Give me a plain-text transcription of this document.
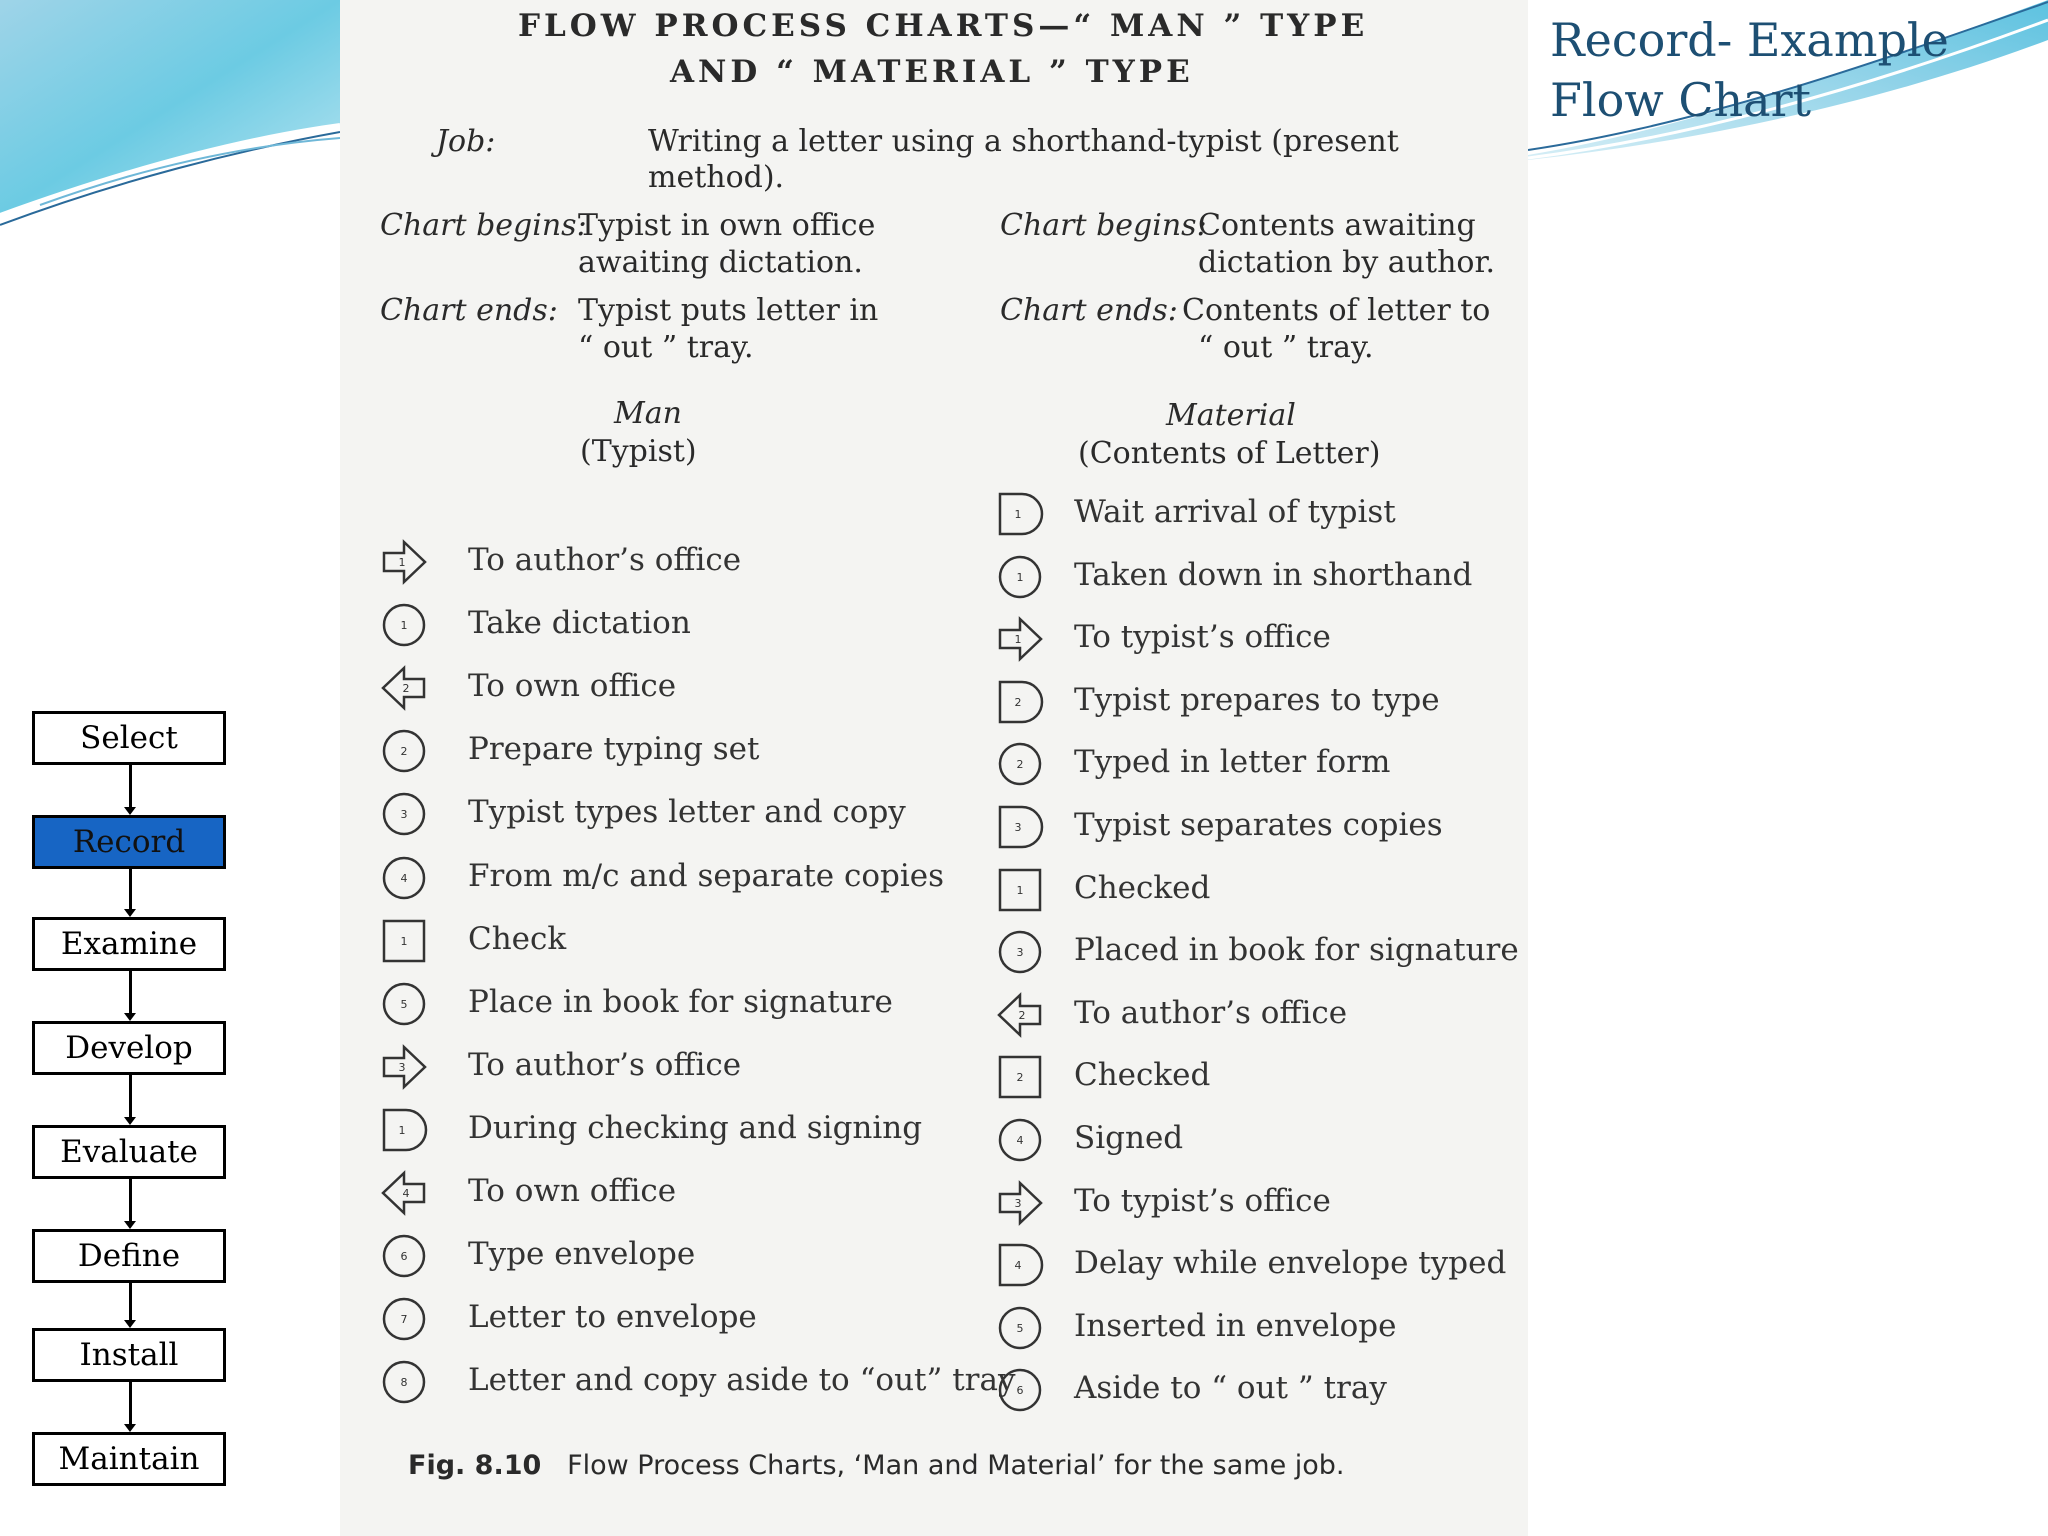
Record- Example
Flow Chart
Select
Record
Examine
Develop
Evaluate
Define
Install
Maintain
FLOW PROCESS CHARTS—“ MAN ” TYPE
AND “ MATERIAL ” TYPE
Job:	Writing a letter using a shorthand-typist (present
method).
Chart begins:
Typist in own office
awaiting dictation.
Chart ends: Typist puts letter in
“ out ” tray.
Chart begins:
Contents awaiting
dictation by author.
Chart ends: Contents of letter to
“ out ” tray.
Man
(Typist)
Material
(Contents of Letter)
1 To author’s office
1 Take dictation
2 To own office
2 Prepare typing set
3 Typist types letter and copy
4 From m/c and separate copies
1 Check
5 Place in book for signature
3 To author’s office
1 During checking and signing
4 To own office
6 Type envelope
7 Letter to envelope
8 Letter and copy aside to “out” tray
1 Wait arrival of typist
1 Taken down in shorthand
1 To typist’s office
2 Typist prepares to type
2 Typed in letter form
3 Typist separates copies
1 Checked
3 Placed in book for signature
2 To author’s office
2 Checked
4 Signed
3 To typist’s office
4 Delay while envelope typed
5 Inserted in envelope
6 Aside to “ out ” tray
Fig. 8.10 Flow Process Charts, ‘Man and Material’ for the same job.
